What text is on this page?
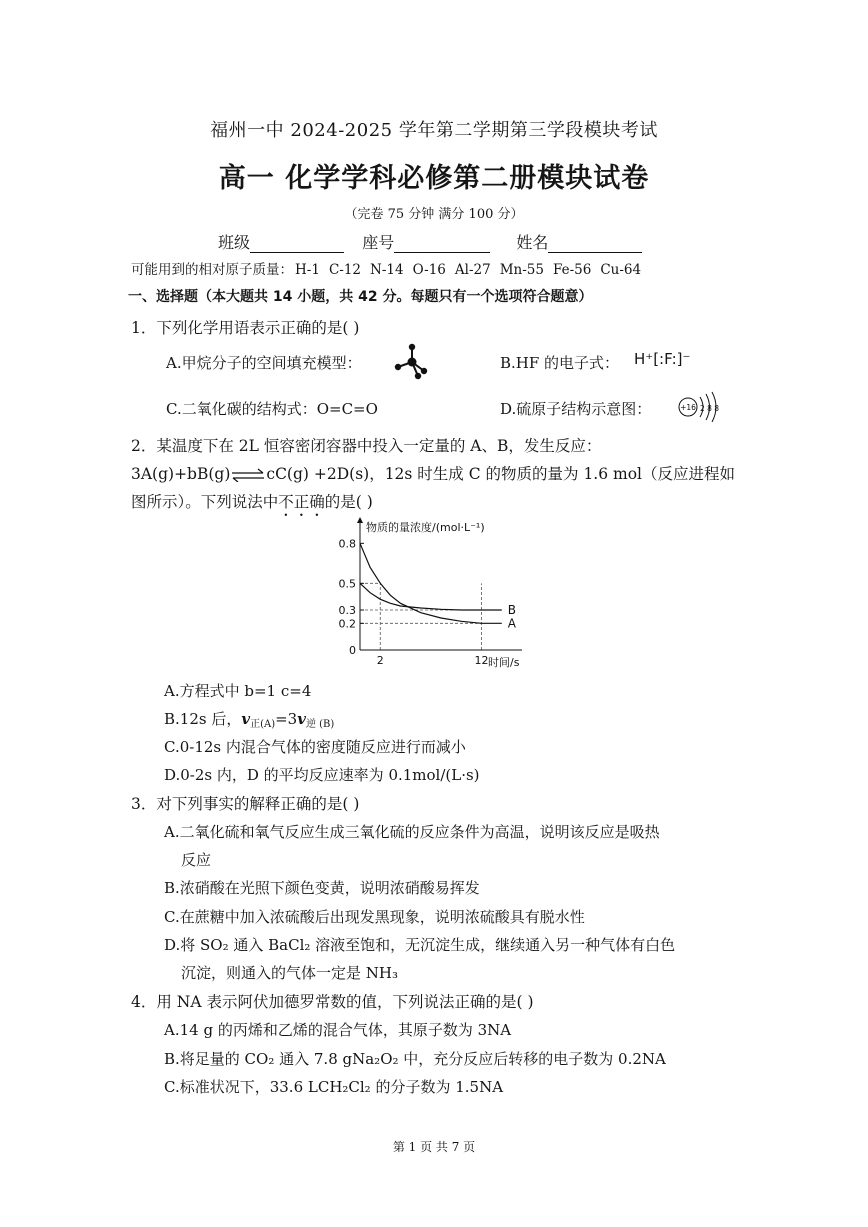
福州一中 2024-2025 学年第二学期第三学段模块考试
高一 化学学科必修第二册模块试卷
（完卷 75 分钟 满分 100 分）
班级	座号	姓名
可能用到的相对原子质量： H-1 C-12 N-14 O-16 Al-27 Mn-55 Fe-56 Cu-64
一、选择题（本大题共 14 小题，共 42 分。每题只有一个选项符合题意）
1．下列化学用语表示正确的是( )
A.甲烷分子的空间填充模型：	B.HF 的电子式： H⁺[:F:]⁻
C.二氧化碳的结构式：O=C=O	D.硫原子结构示意图：	+16 2 8 8
2．某温度下在 2L 恒容密闭容器中投入一定量的 A、B，发生反应：
3A(g)+bB(g)⇌cC(g) +2D(s)，12s 时生成 C 的物质的量为 1.6 mol（反应进程如
图所示）。下列说法中不正确的是( )
物质的量浓度/(mol·L⁻¹)
时间/s
0
0.2
0.3
0.5
0.8
2	12
A
B
A.方程式中 b=1 c=4
B.12s 后，$v_{正(A)}=3v_{逆 (B)}$
C.0-12s 内混合气体的密度随反应进行而减小
D.0-2s 内，D 的平均反应速率为 0.1mol/(L·s)
3．对下列事实的解释正确的是( )
A.二氧化硫和氧气反应生成三氧化硫的反应条件为高温，说明该反应是吸热
反应
B.浓硝酸在光照下颜色变黄，说明浓硝酸易挥发
C.在蔗糖中加入浓硫酸后出现发黑现象，说明浓硫酸具有脱水性
D.将 SO₂ 通入 BaCl₂ 溶液至饱和，无沉淀生成，继续通入另一种气体有白色
沉淀，则通入的气体一定是 NH₃
4．用 NA 表示阿伏加德罗常数的值，下列说法正确的是( )
A.14 g 的丙烯和乙烯的混合气体，其原子数为 3NA
B.将足量的 CO₂ 通入 7.8 gNa₂O₂ 中，充分反应后转移的电子数为 0.2NA
C.标准状况下，33.6 LCH₂Cl₂ 的分子数为 1.5NA
第 1 页 共 7 页
